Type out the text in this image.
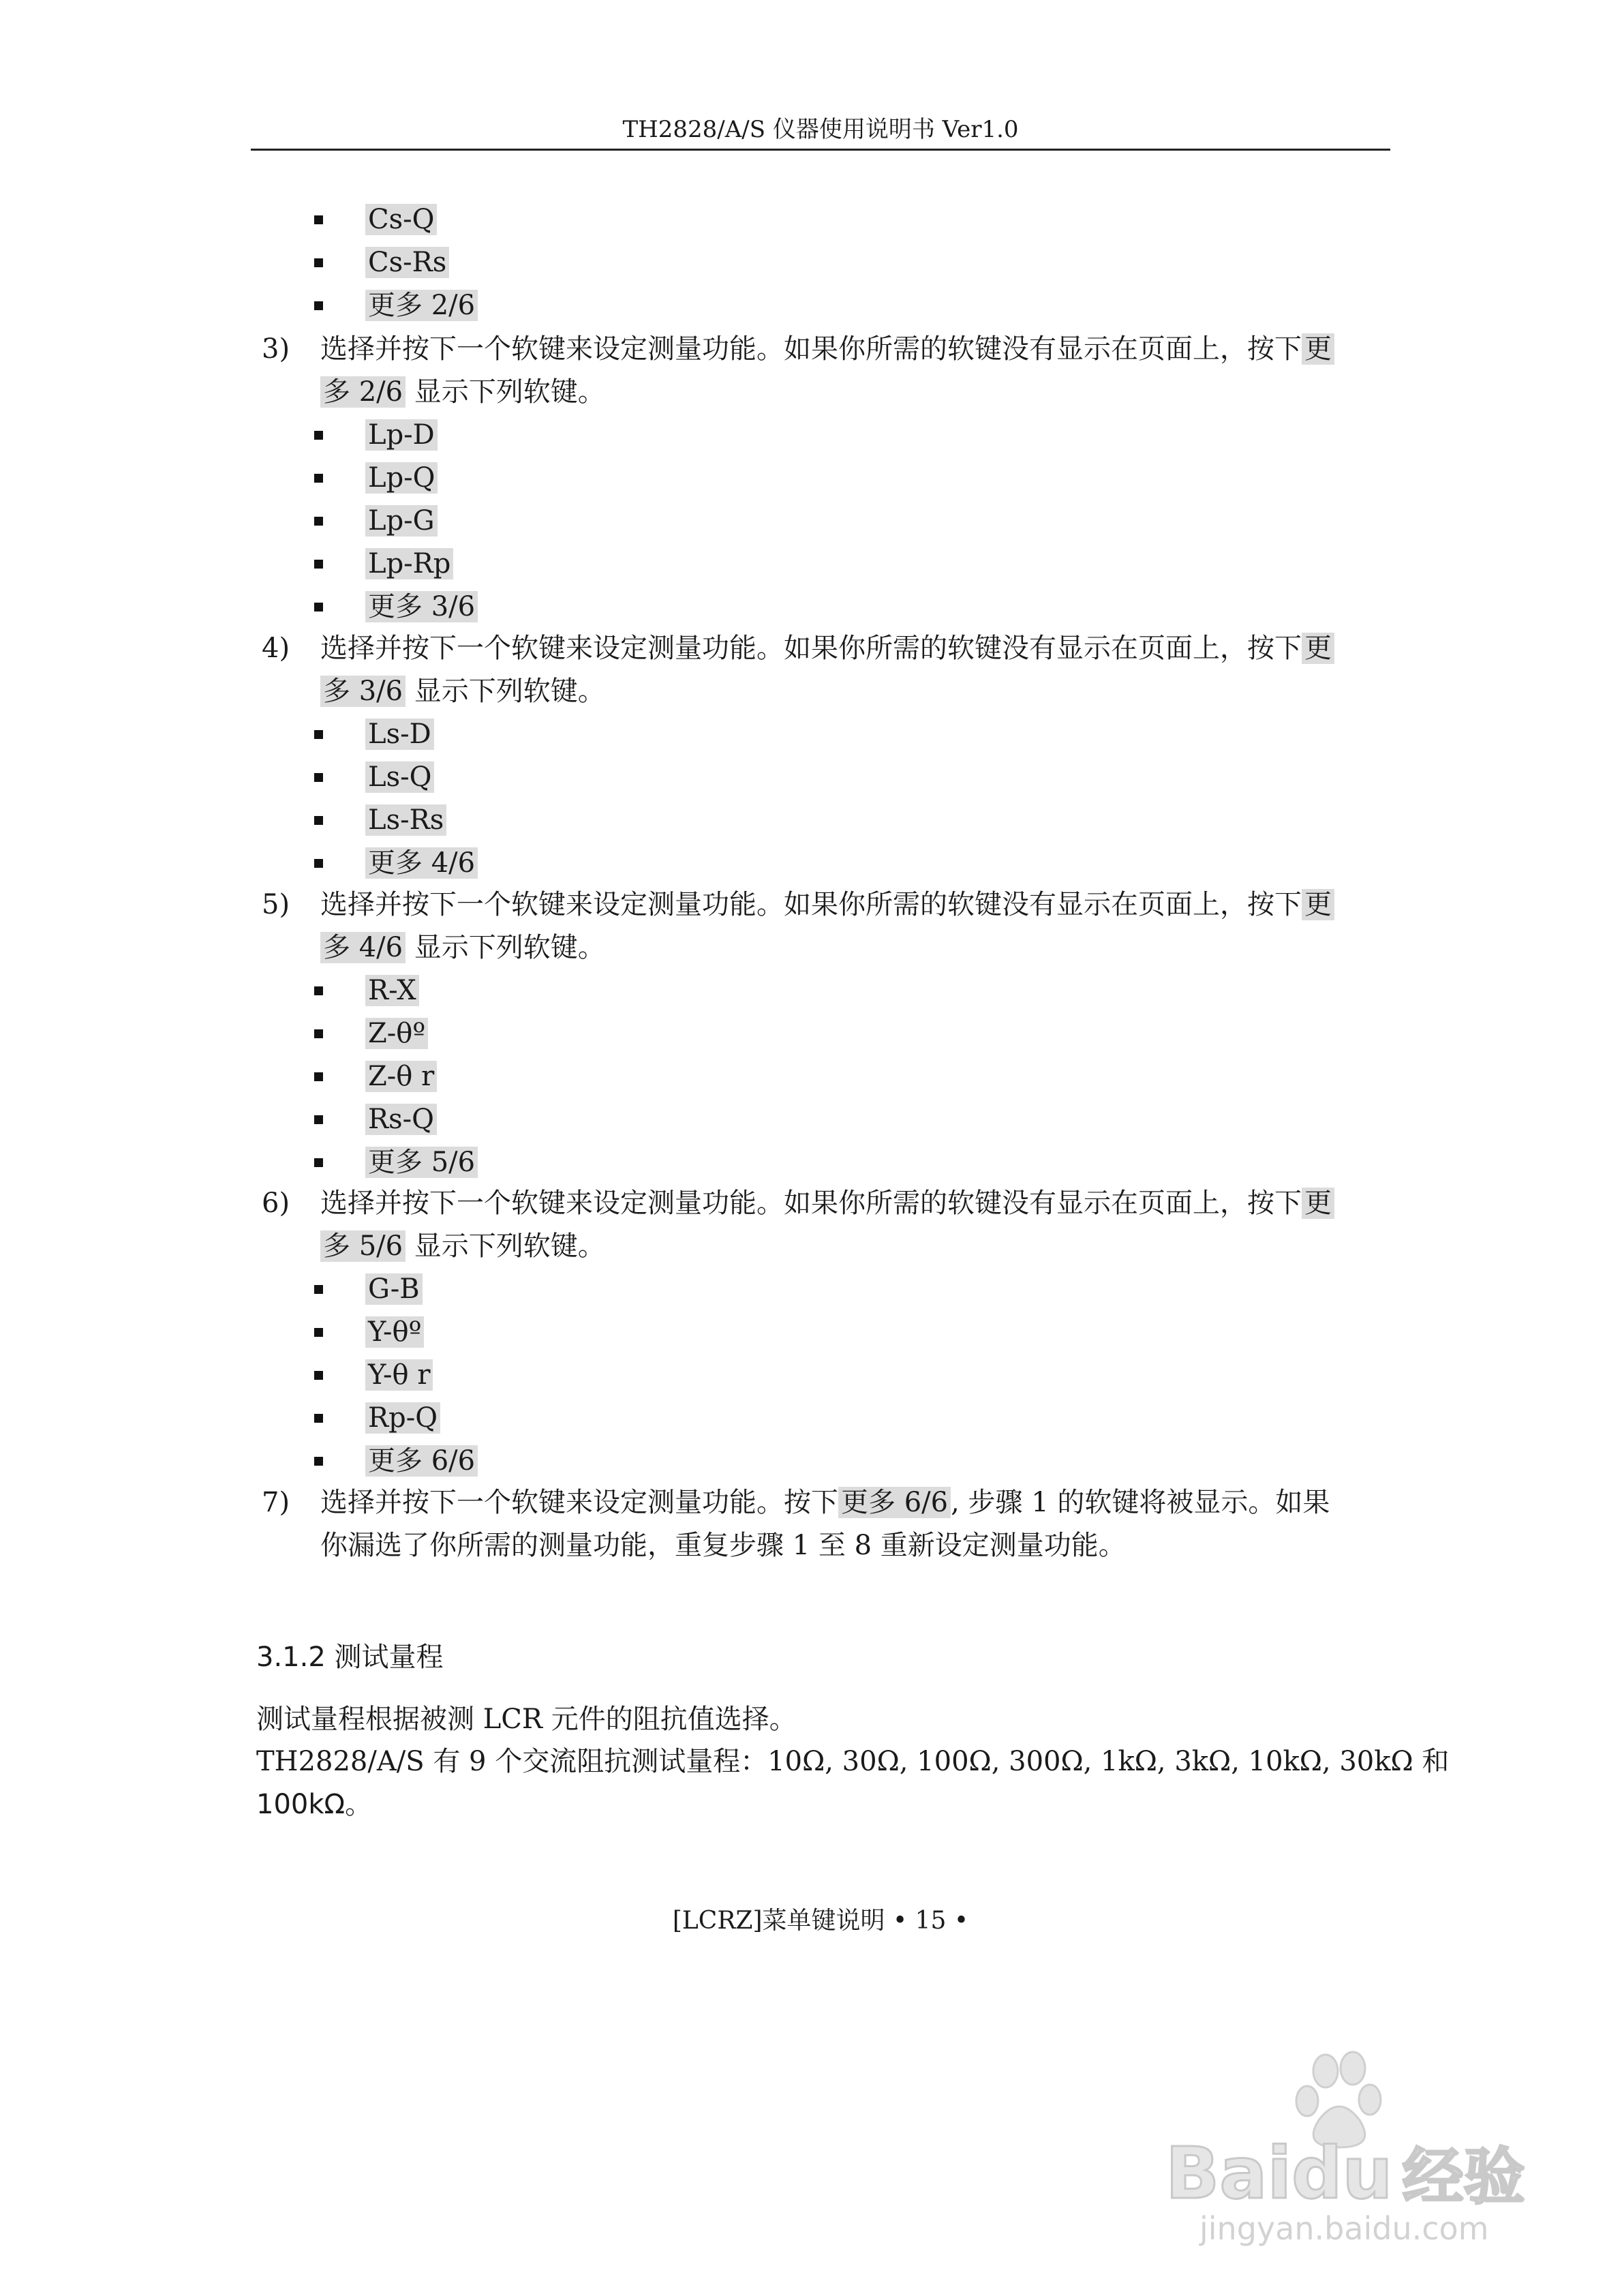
TH2828/A/S 仪器使用说明书 Ver1.0
Cs-Q
Cs-Rs
更多 2/6
3) 选择并按下一个软键来设定测量功能。如果你所需的软键没有显示在页面上，按下 更
多 2/6 显示下列软键。
Lp-D
Lp-Q
Lp-G
Lp-Rp
更多 3/6
4) 选择并按下一个软键来设定测量功能。如果你所需的软键没有显示在页面上，按下 更
多 3/6 显示下列软键。
Ls-D
Ls-Q
Ls-Rs
更多 4/6
5) 选择并按下一个软键来设定测量功能。如果你所需的软键没有显示在页面上，按下 更
多 4/6 显示下列软键。
R-X
Z-θº
Z-θ r
Rs-Q
更多 5/6
6) 选择并按下一个软键来设定测量功能。如果你所需的软键没有显示在页面上，按下 更
多 5/6 显示下列软键。
G-B
Y-θº
Y-θ r
Rp-Q
更多 6/6
7) 选择并按下一个软键来设定测量功能。按下 更多 6/6 , 步骤 1 的软键将被显示。如果
你漏选了你所需的测量功能，重复步骤 1 至 8 重新设定测量功能。
3.1.2 测试量程
测试量程根据被测 LCR 元件的阻抗值选择。
TH2828/A/S 有 9 个交流阻抗测试量程：10Ω, 30Ω, 100Ω, 300Ω, 1kΩ, 3kΩ, 10kΩ, 30kΩ 和
100kΩ。
[LCRZ]菜单键说明 • 15 •
Baidu 经验
jingyan.baidu.com
